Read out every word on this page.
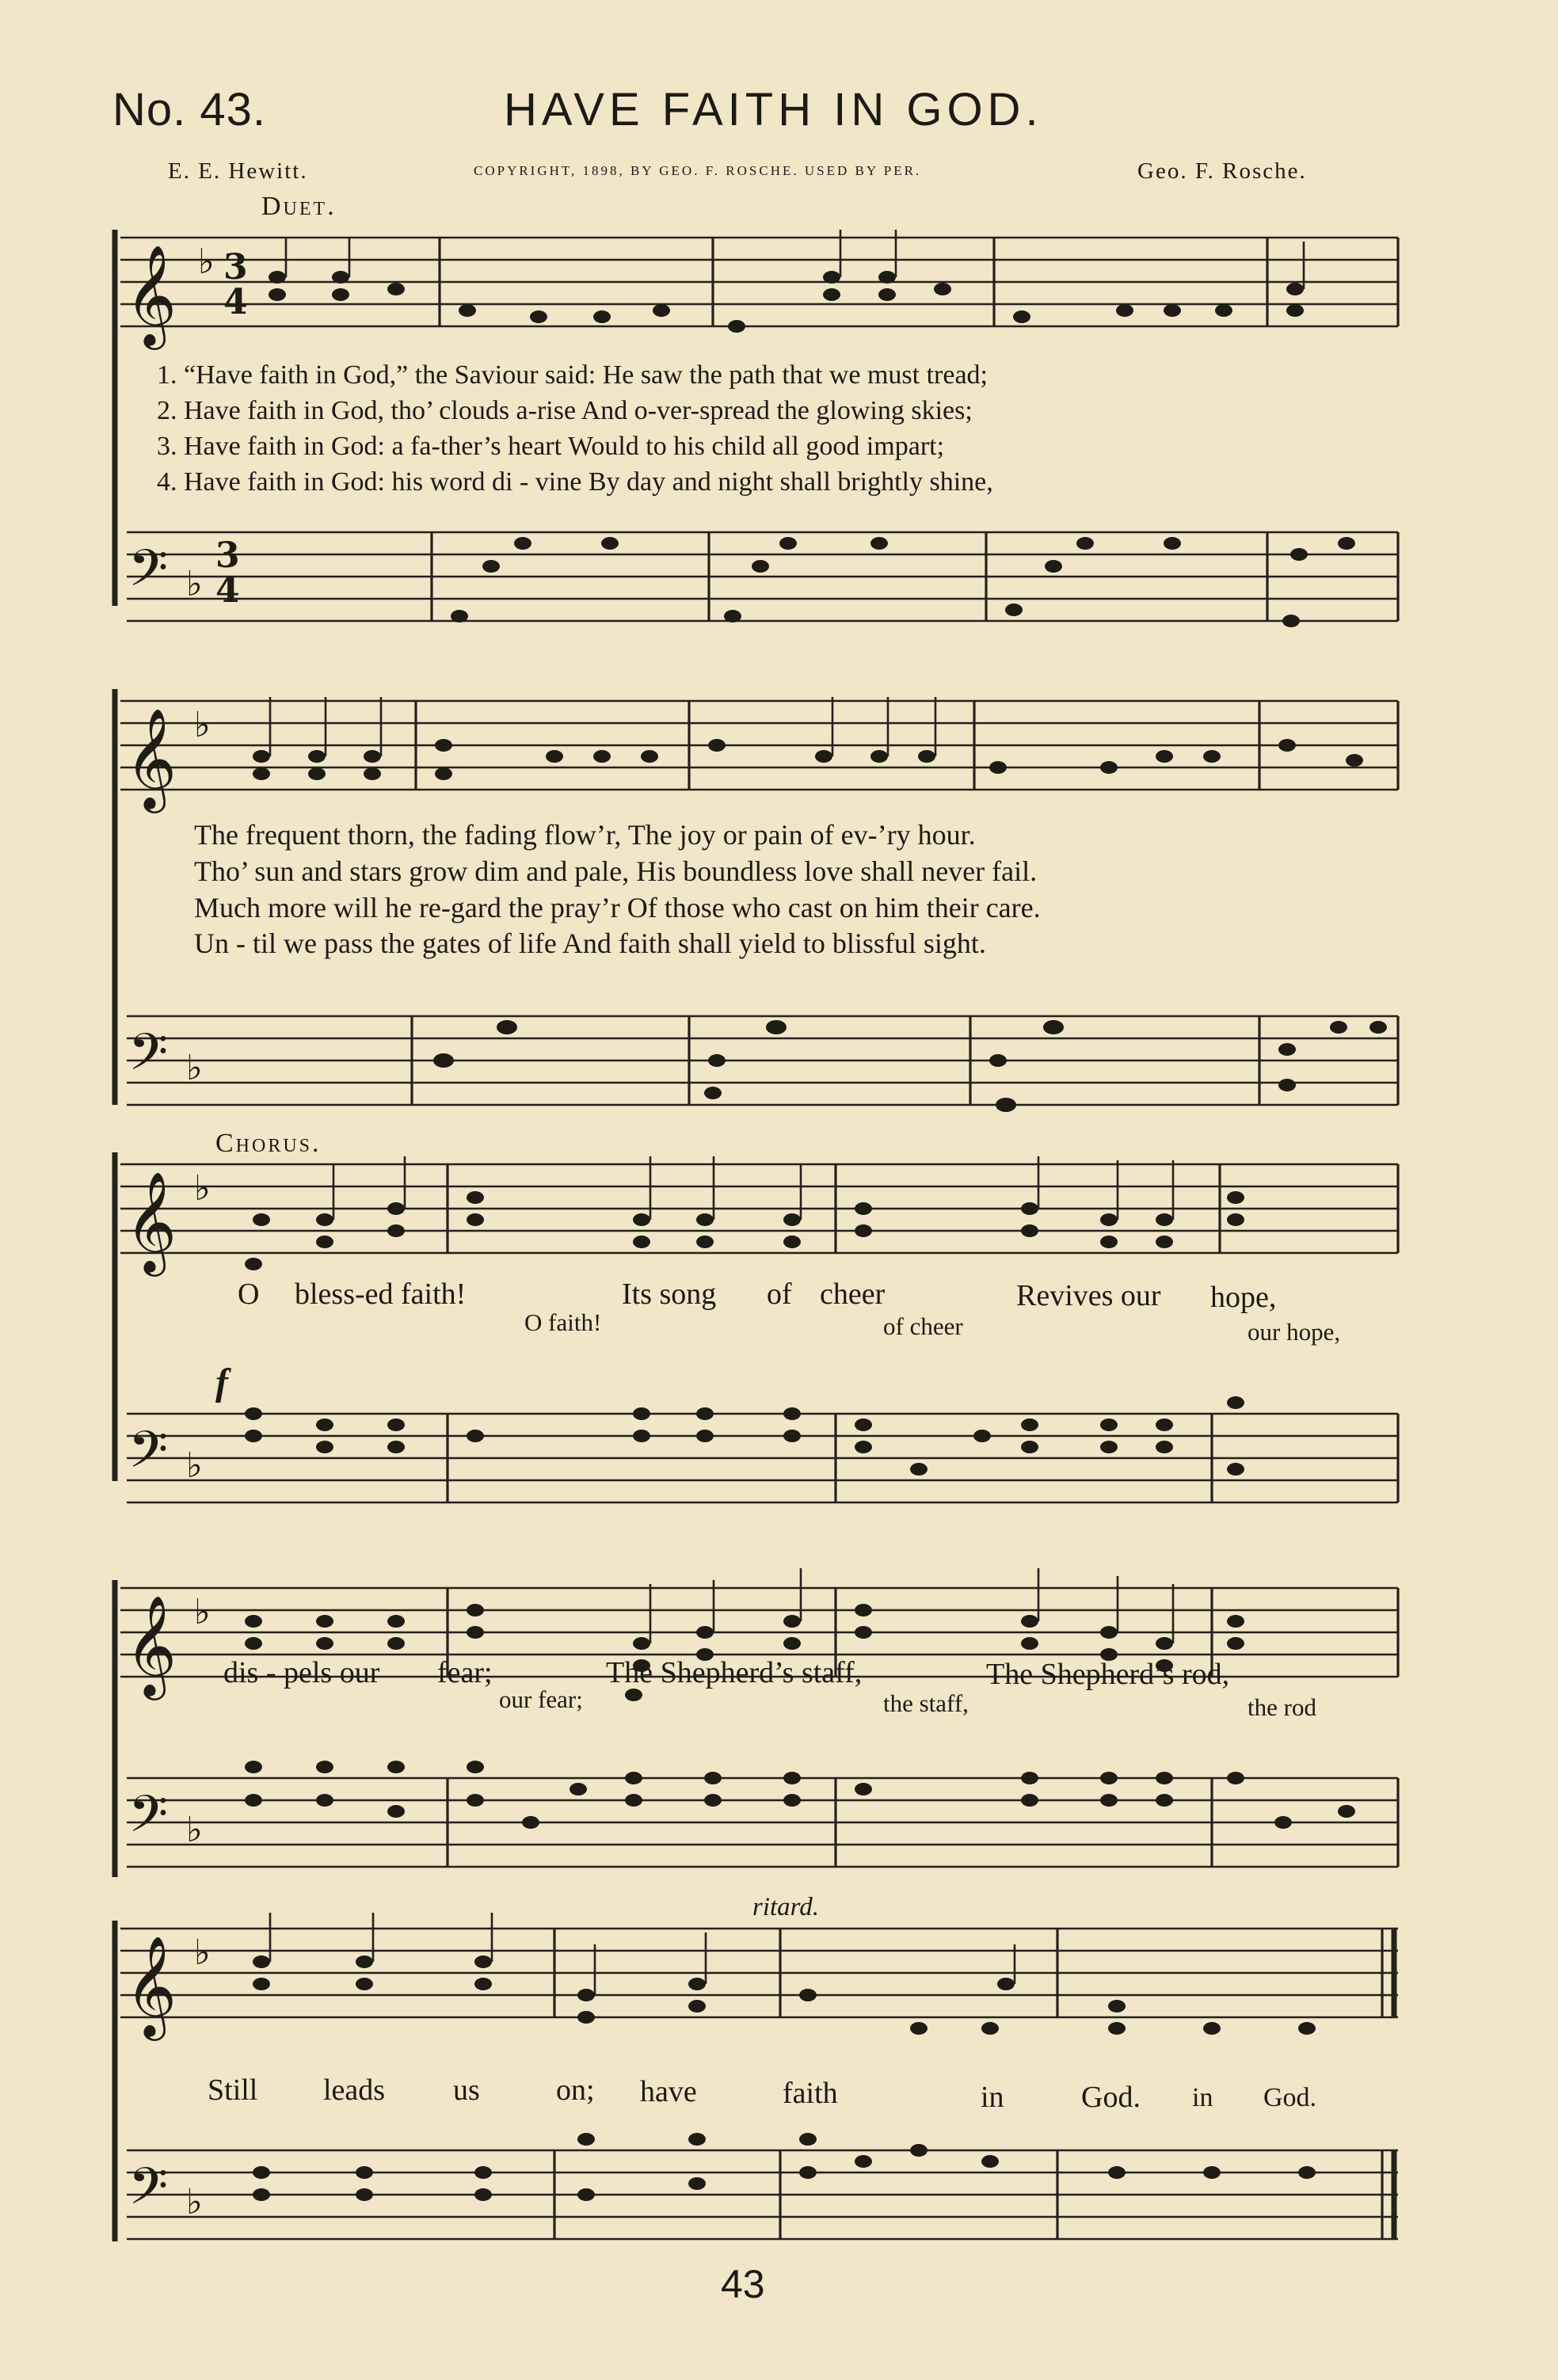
No. 43.	HAVE FAITH IN GOD.
E. E. Hewitt.	COPYRIGHT, 1898, BY GEO. F. ROSCHE. USED BY PER.	Geo. F. Rosche.
Duet.
𝄞 ♭ 3
4
𝄢 ♭
3
4
𝄞 ♭
𝄢 ♭
𝄞 ♭
𝄢 ♭
𝄞 ♭
𝄢 ♭
𝄞 ♭
𝄢 ♭
1. “Have faith in God,” the Saviour said: He saw the path that we must tread;
2. Have faith in God, tho’ clouds a-rise And o-ver-spread the glowing skies;
3. Have faith in God: a fa-ther’s heart Would to his child all good impart;
4. Have faith in God: his word di - vine By day and night shall brightly shine,
The frequent thorn, the fading flow’r, The joy or pain of ev-’ry hour.
Tho’ sun and stars grow dim and pale, His boundless love shall never fail.
Much more will he re-gard the pray’r Of those who cast on him their care.
Un - til we pass the gates of life And faith shall yield to blissful sight.
Chorus.
O bless-ed faith!	Its song of cheer	Revives our hope,
O faith!	of cheer	our hope,
f
dis - pels our fear;	The Shepherd’s staff,	The Shepherd’s rod,
our fear;	the staff,	the rod
ritard.
Still leads us	on; have	faith	in	God. in God.
43
